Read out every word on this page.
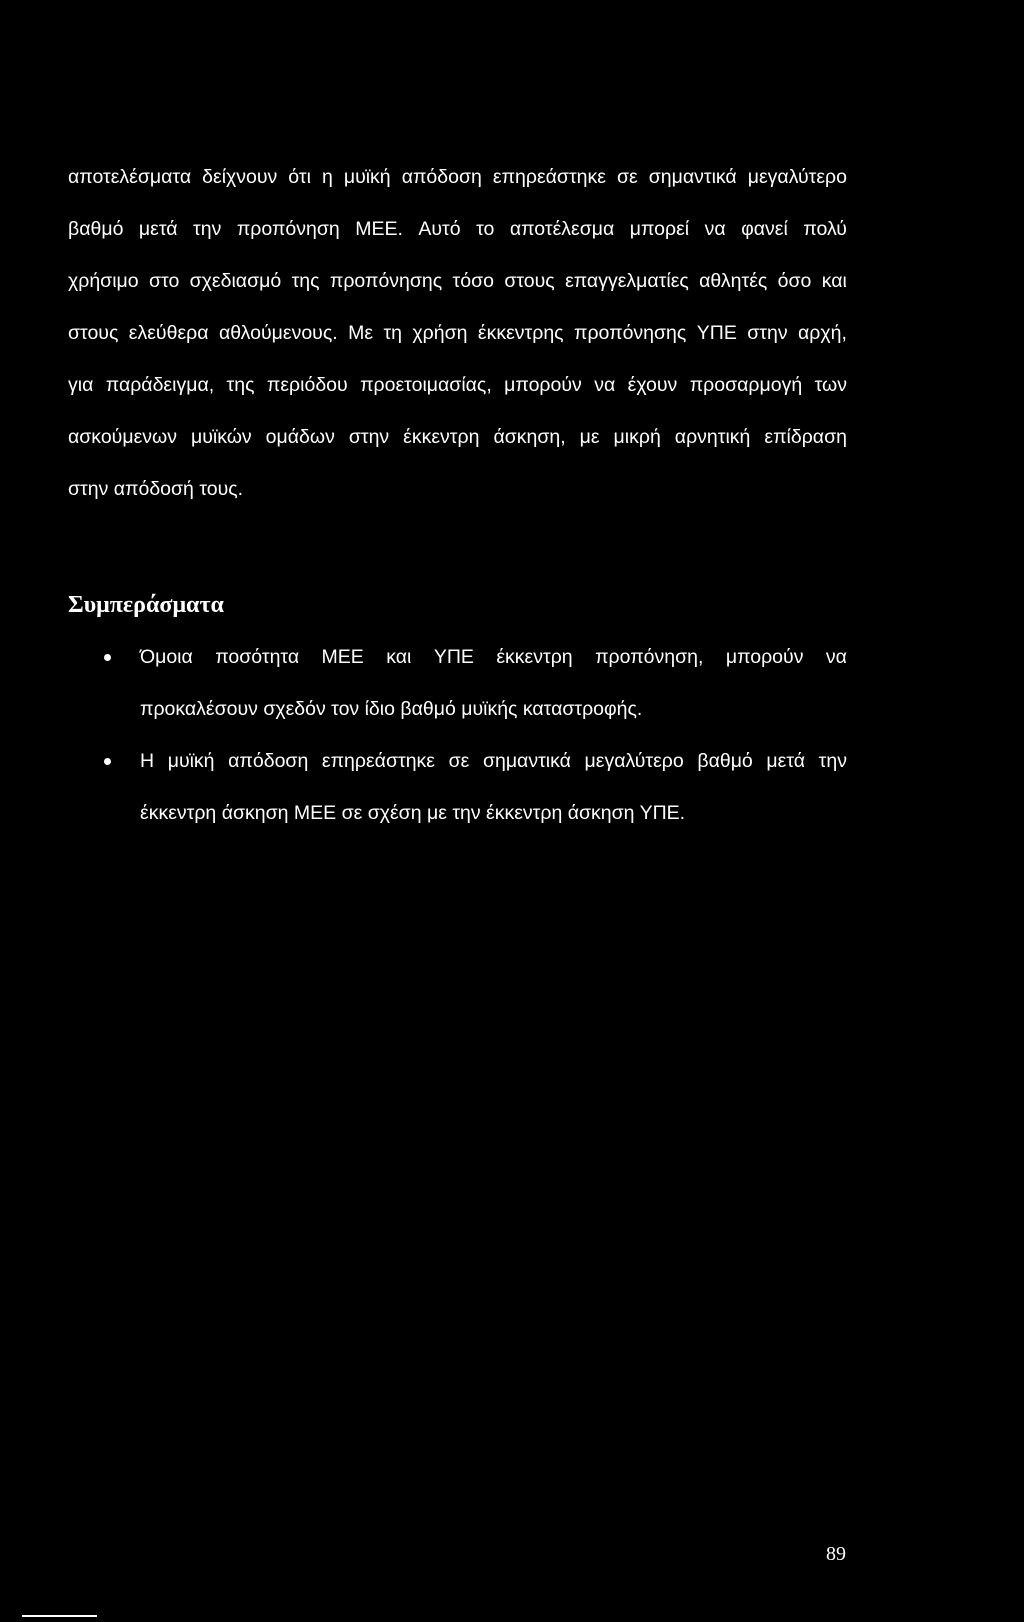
αποτελέσματα δείχνουν ότι η μυϊκή απόδοση επηρεάστηκε σε σημαντικά μεγαλύτερο
βαθμό μετά την προπόνηση ΜΕΕ. Αυτό το αποτέλεσμα μπορεί να φανεί πολύ
χρήσιμο στο σχεδιασμό της προπόνησης τόσο στους επαγγελματίες αθλητές όσο και
στους ελεύθερα αθλούμενους. Με τη χρήση έκκεντρης προπόνησης ΥΠΕ στην αρχή,
για παράδειγμα, της περιόδου προετοιμασίας, μπορούν να έχουν προσαρμογή των
ασκούμενων μυϊκών ομάδων στην έκκεντρη άσκηση, με μικρή αρνητική επίδραση
στην απόδοσή τους.
Συμπεράσματα
Όμοια ποσότητα ΜΕΕ και ΥΠΕ έκκεντρη προπόνηση, μπορούν να
προκαλέσουν σχεδόν τον ίδιο βαθμό μυϊκής καταστροφής.
Η μυϊκή απόδοση επηρεάστηκε σε σημαντικά μεγαλύτερο βαθμό μετά την
έκκεντρη άσκηση ΜΕΕ σε σχέση με την έκκεντρη άσκηση ΥΠΕ.
89
